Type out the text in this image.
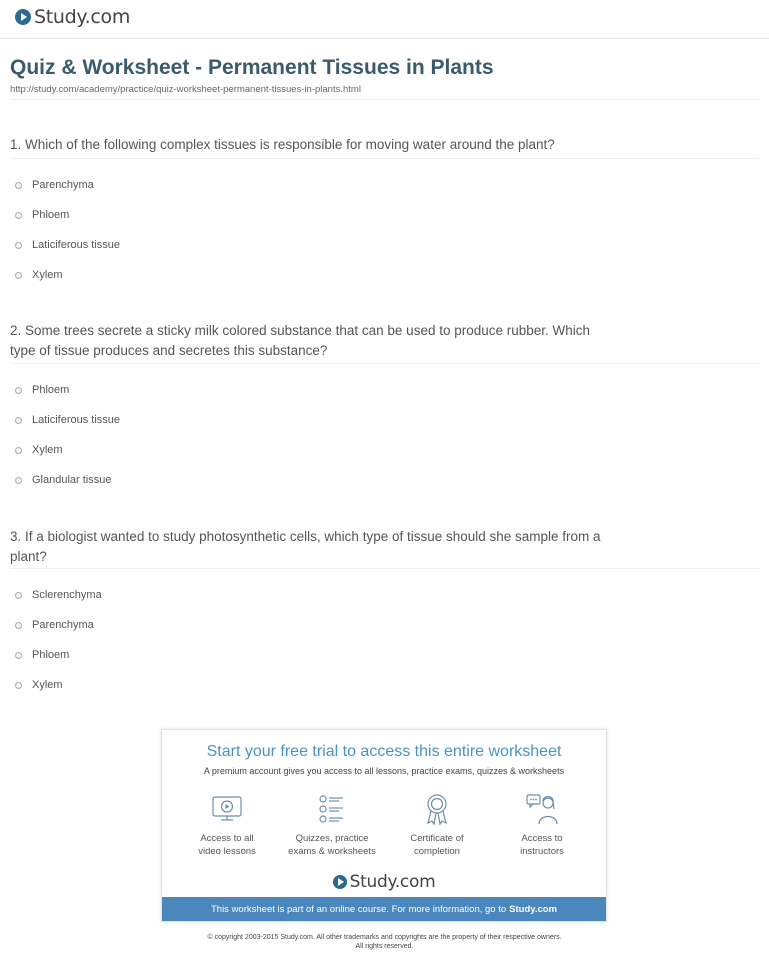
Study.com
Quiz & Worksheet - Permanent Tissues in Plants
http://study.com/academy/practice/quiz-worksheet-permanent-tissues-in-plants.html
1. Which of the following complex tissues is responsible for moving water around the plant?
Parenchyma
Phloem
Laticiferous tissue
Xylem
2. Some trees secrete a sticky milk colored substance that can be used to produce rubber. Which type of tissue produces and secretes this substance?
Phloem
Laticiferous tissue
Xylem
Glandular tissue
3. If a biologist wanted to study photosynthetic cells, which type of tissue should she sample from a plant?
Sclerenchyma
Parenchyma
Phloem
Xylem
Start your free trial to access this entire worksheet
A premium account gives you access to all lessons, practice exams, quizzes & worksheets
Access to all
video lessons
Quizzes, practice
exams & worksheets
Certificate of
completion
Access to
instructors
Study.com
This worksheet is part of an online course. For more information, go to Study.com
© copyright 2003-2015 Study.com. All other trademarks and copyrights are the property of their respective owners.
All rights reserved.
